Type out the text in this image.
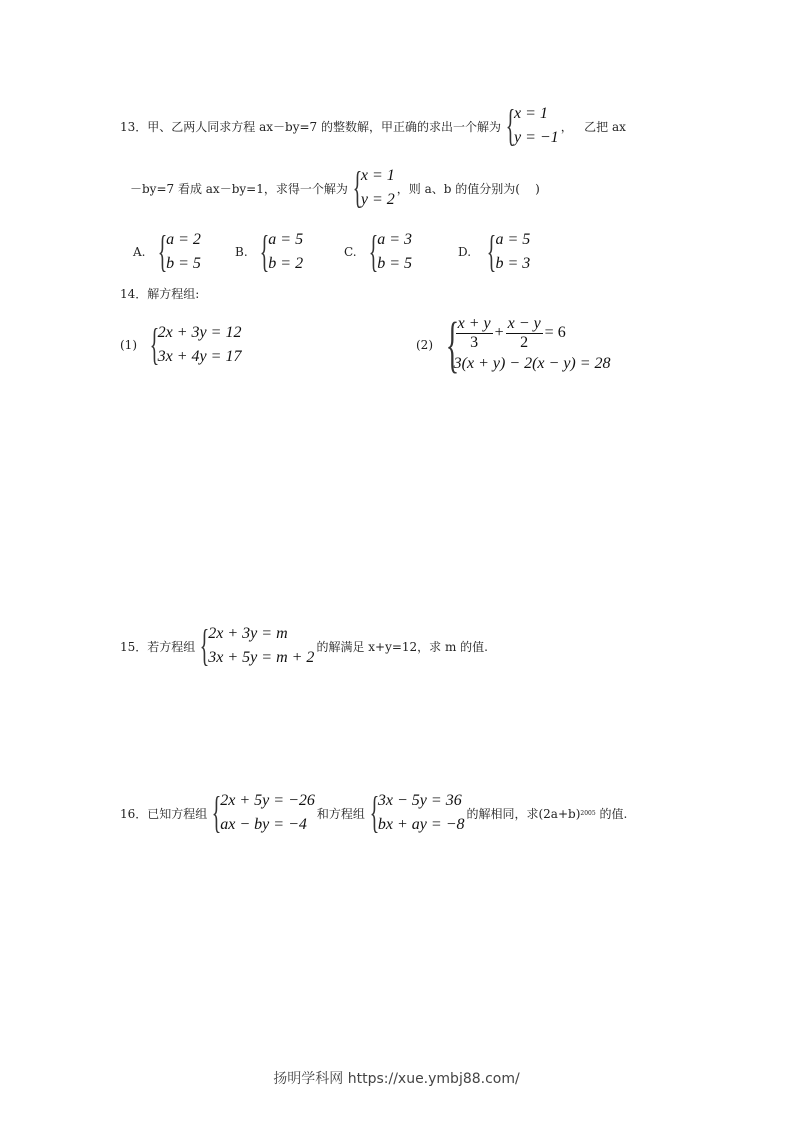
13．甲、乙两人同求方程 ax－by=7 的整数解，甲正确的求出一个解为 {
x = 1
y = −1
，   乙把 ax
－by=7 看成 ax－by=1，求得一个解为 {
x = 1
y = 2
，则 a、b 的值分别为(    )
A.
{
a = 2
b = 5
B.
{
a = 5
b = 2
C.
{
a = 3
b = 5
D.
{
a = 5
b = 3
14．解方程组:
(1)
{
2x + 3y = 12
3x + 4y = 17
(2)
{
$\frac{x + y}{3} + \frac{x - y}{2} = 6$
3(x + y) − 2(x − y) = 28
15．若方程组 {
2x + 3y = m
3x + 5y = m + 2
的解满足 x+y=12，求 m 的值.
16．已知方程组 {
2x + 5y = −26
ax − by = −4
和方程组 {
3x − 5y = 36
bx + ay = −8
的解相同，求(2a+b) 2005
的值.
扬明学科网 https://xue.ymbj88.com/
